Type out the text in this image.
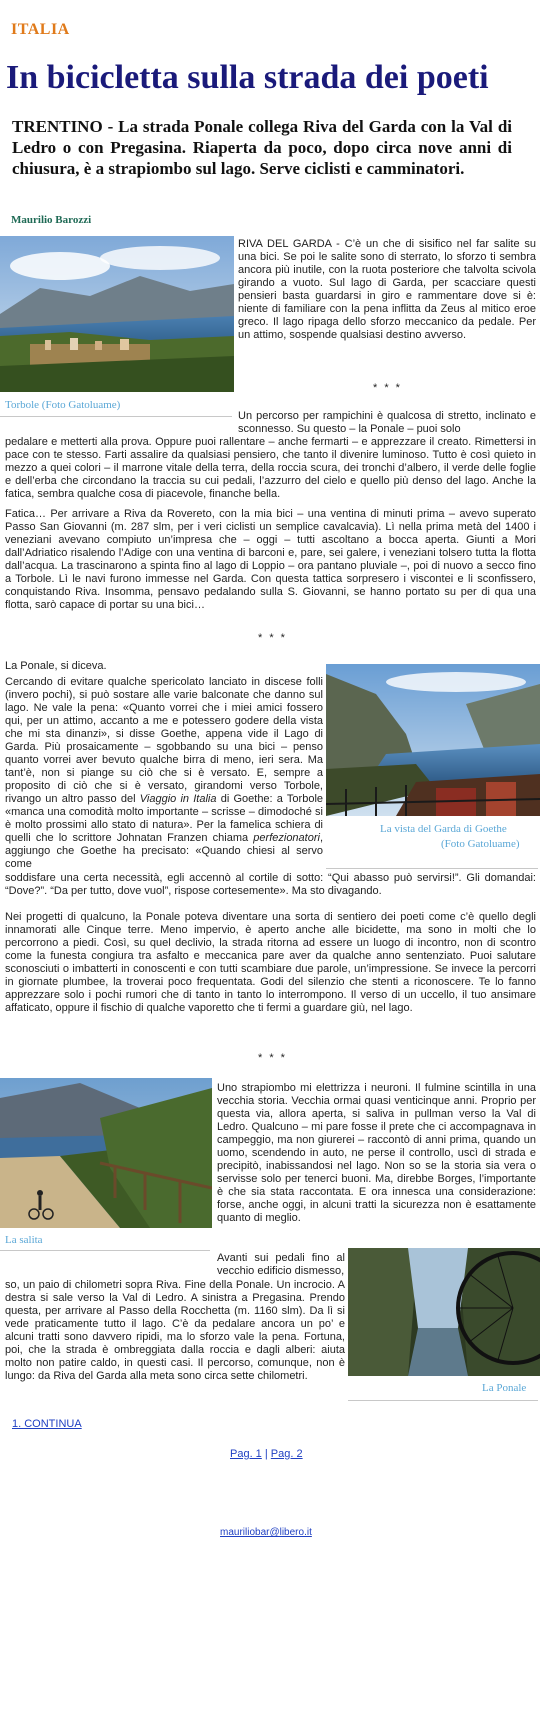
ITALIA
In bicicletta sulla strada dei poeti

TRENTINO - La strada Ponale collega Riva del Garda con la Val di Ledro o con Pregasina. Riaperta da poco, dopo circa nove anni di chiusura, è a strapiombo sul lago. Serve ciclisti e camminatori.

Maurilio Barozzi
Torbole (Foto Gatoluame)

RIVA DEL GARDA - C’è un che di sisifico nel far salite su una bici. Se poi le salite sono di sterrato, lo sforzo ti sembra ancora più inutile, con la ruota posteriore che talvolta scivola girando a vuoto. Sul lago di Garda, per scacciare questi pensieri basta guardarsi in giro e rammentare dove si è: niente di familiare con la pena inflitta da Zeus al mitico eroe greco. Il lago ripaga dello sforzo meccanico da pedale. Per un attimo, sospende qualsiasi destino avverso.

* * *

Un percorso per rampichini è qualcosa di stretto, inclinato e sconnesso. Su questo – la Ponale – puoi solo

pedalare e metterti alla prova. Oppure puoi rallentare – anche fermarti – e apprezzare il creato. Rimettersi in pace con te stesso. Farti assalire da qualsiasi pensiero, che tanto il divenire luminoso. Tutto è così quieto in mezzo a quei colori – il marrone vitale della terra, della roccia scura, dei tronchi d’albero, il verde delle foglie e dell’erba che circondano la traccia su cui pedali, l’azzurro del cielo e quello più denso del lago. Anche la fatica, sembra qualche cosa di piacevole, finanche bella.

Fatica… Per arrivare a Riva da Rovereto, con la mia bici – una ventina di minuti prima – avevo superato Passo San Giovanni (m. 287 slm, per i veri ciclisti un semplice cavalcavia). Lì nella prima metà del 1400 i veneziani avevano compiuto un’impresa che – oggi – tutti ascoltano a bocca aperta. Giunti a Mori dall’Adriatico risalendo l’Adige con una ventina di barconi e, pare, sei galere, i veneziani tolsero tutta la flotta dall’acqua. La trascinarono a spinta fino al lago di Loppio – ora pantano pluviale –, poi di nuovo a secco fino a Torbole. Lì le navi furono immesse nel Garda. Con questa tattica sorpresero i viscontei e li sconfissero, conquistando Riva. Insomma, pensavo pedalando sulla S. Giovanni, se hanno portato su per di qua una flotta, sarò capace di portar su una bici…

* * *

La Ponale, si diceva.

La vista del Garda di Goethe
(Foto Gatoluame)

Cercando di evitare qualche spericolato lanciato in discese folli (invero pochi), si può sostare alle varie balconate che danno sul lago. Ne vale la pena: «Quanto vorrei che i miei amici fossero qui, per un attimo, accanto a me e potessero godere della vista che mi sta dinanzi», si disse Goethe, appena vide il Lago di Garda. Più prosaicamente – sgobbando su una bici – penso quanto vorrei aver bevuto qualche birra di meno, ieri sera. Ma tant’è, non si piange su ciò che si è versato. E, sempre a proposito di ciò che si è versato, girandomi verso Torbole, rivango un altro passo del Viaggio in Italia di Goethe: a Torbole «manca una comodità molto importante – scrisse – dimodoché si è molto prossimi allo stato di natura». Per la famelica schiera di quelli che lo scrittore Johnatan Franzen chiama perfezionatori, aggiungo che Goethe ha precisato: «Quando chiesi al servo come

soddisfare una certa necessità, egli accennò al cortile di sotto: “Qui abasso può servirsi!”. Gli domandai: “Dove?”. “Da per tutto, dove vuol”, rispose cortesemente». Ma sto divagando.

Nei progetti di qualcuno, la Ponale poteva diventare una sorta di sentiero dei poeti come c’è quello degli innamorati alle Cinque terre. Meno impervio, è aperto anche alle bicidette, ma sono in molti che lo percorrono a piedi. Così, su quel declivio, la strada ritorna ad essere un luogo di incontro, non di scontro come la funesta congiura tra asfalto e meccanica pare aver da qualche anno sentenziato. Puoi salutare sconosciuti o imbatterti in conoscenti e con tutti scambiare due parole, un’impressione. Se invece la percorri in giornate plumbee, la troverai poco frequentata. Godi del silenzio che stenti a riconoscere. Te lo fanno apprezzare solo i pochi rumori che di tanto in tanto lo interrompono. Il verso di un uccello, il tuo ansimare affaticato, oppure il fischio di qualche vaporetto che ti fermi a guardare giù, nel lago.

* * *
La salita

Uno strapiombo mi elettrizza i neuroni. Il fulmine scintilla in una vecchia storia. Vecchia ormai quasi venticinque anni. Proprio per questa via, allora aperta, si saliva in pullman verso la Val di Ledro. Qualcuno – mi pare fosse il prete che ci accompagnava in campeggio, ma non giurerei – raccontò di anni prima, quando un uomo, scendendo in auto, ne perse il controllo, uscì di strada e precipitò, inabissandosi nel lago. Non so se la storia sia vera o servisse solo per tenerci buoni. Ma, direbbe Borges, l’importante è che sia stata raccontata. E ora innesca una considerazione: forse, anche oggi, in alcuni tratti la sicurezza non è esattamente quanto di meglio.

La Ponale

Avanti sui pedali fino al vecchio edificio dismesso,

so, un paio di chilometri sopra Riva. Fine della Ponale. Un incrocio. A destra si sale verso la Val di Ledro. A sinistra a Pregasina. Prendo questa, per arrivare al Passo della Rocchetta (m. 1160 slm). Da lì si vede praticamente tutto il lago. C’è da pedalare ancora un po’ e alcuni tratti sono davvero ripidi, ma lo sforzo vale la pena. Fortuna, poi, che la strada è ombreggiata dalla roccia e dagli alberi: aiuta molto non patire caldo, in questi casi. Il percorso, comunque, non è lungo: da Riva del Garda alla meta sono circa sette chilometri.

1. CONTINUA
Pag. 1 | Pag. 2
mauriliobar@libero.it
